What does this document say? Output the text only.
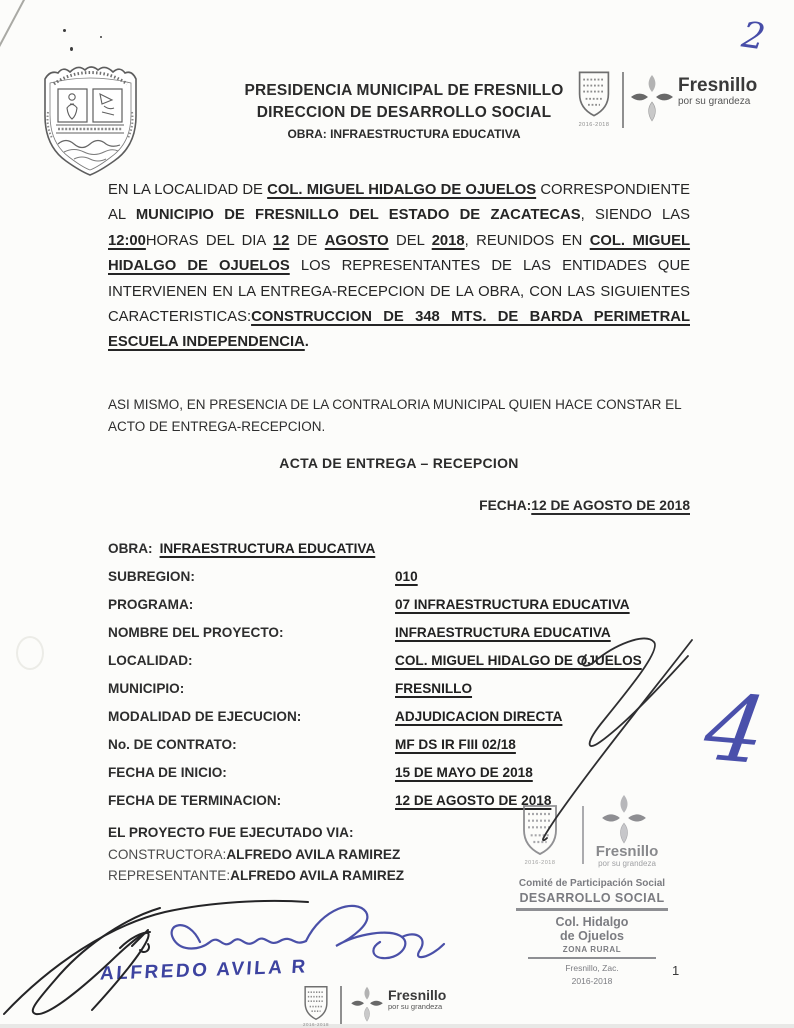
2
PRESIDENCIA MUNICIPAL DE FRESNILLO
DIRECCION DE DESARROLLO SOCIAL
OBRA: INFRAESTRUCTURA EDUCATIVA
2016-2018
Fresnillo
por su grandeza
EN LA LOCALIDAD DE COL. MIGUEL HIDALGO DE OJUELOS CORRESPONDIENTE AL MUNICIPIO DE FRESNILLO DEL ESTADO DE ZACATECAS, SIENDO LAS 12:00HORAS DEL DIA 12 DE AGOSTO DEL 2018, REUNIDOS EN COL. MIGUEL HIDALGO DE OJUELOS LOS REPRESENTANTES DE LAS ENTIDADES QUE INTERVIENEN EN LA ENTREGA-RECEPCION DE LA OBRA, CON LAS SIGUIENTES CARACTERISTICAS:CONSTRUCCION DE 348 MTS. DE BARDA PERIMETRAL ESCUELA INDEPENDENCIA.
ASI MISMO, EN PRESENCIA DE LA CONTRALORIA MUNICIPAL QUIEN HACE CONSTAR EL ACTO DE ENTREGA-RECEPCION.
ACTA DE ENTREGA – RECEPCION
FECHA:12 DE AGOSTO DE 2018
OBRA: INFRAESTRUCTURA EDUCATIVA
SUBREGION:	010
PROGRAMA:	07 INFRAESTRUCTURA EDUCATIVA
NOMBRE DEL PROYECTO:	INFRAESTRUCTURA EDUCATIVA
LOCALIDAD:	COL. MIGUEL HIDALGO DE OJUELOS
MUNICIPIO:	FRESNILLO
MODALIDAD DE EJECUCION:	ADJUDICACION DIRECTA
No. DE CONTRATO:	MF DS IR FIII 02/18
FECHA DE INICIO:	15 DE MAYO DE 2018
FECHA DE TERMINACION:	12 DE AGOSTO DE 2018
EL PROYECTO FUE EJECUTADO VIA:
CONSTRUCTORA:ALFREDO AVILA RAMIREZ
REPRESENTANTE:ALFREDO AVILA RAMIREZ
2016-2018
Fresnillo
por su grandeza
Comité de Participación Social
DESARROLLO SOCIAL
Col. Hidalgo
de Ojuelos
ZONA RURAL
Fresnillo, Zac.
2016-2018
1
2016-2018
Fresnillo
por su grandeza
4
ALFREDO AVILA R
